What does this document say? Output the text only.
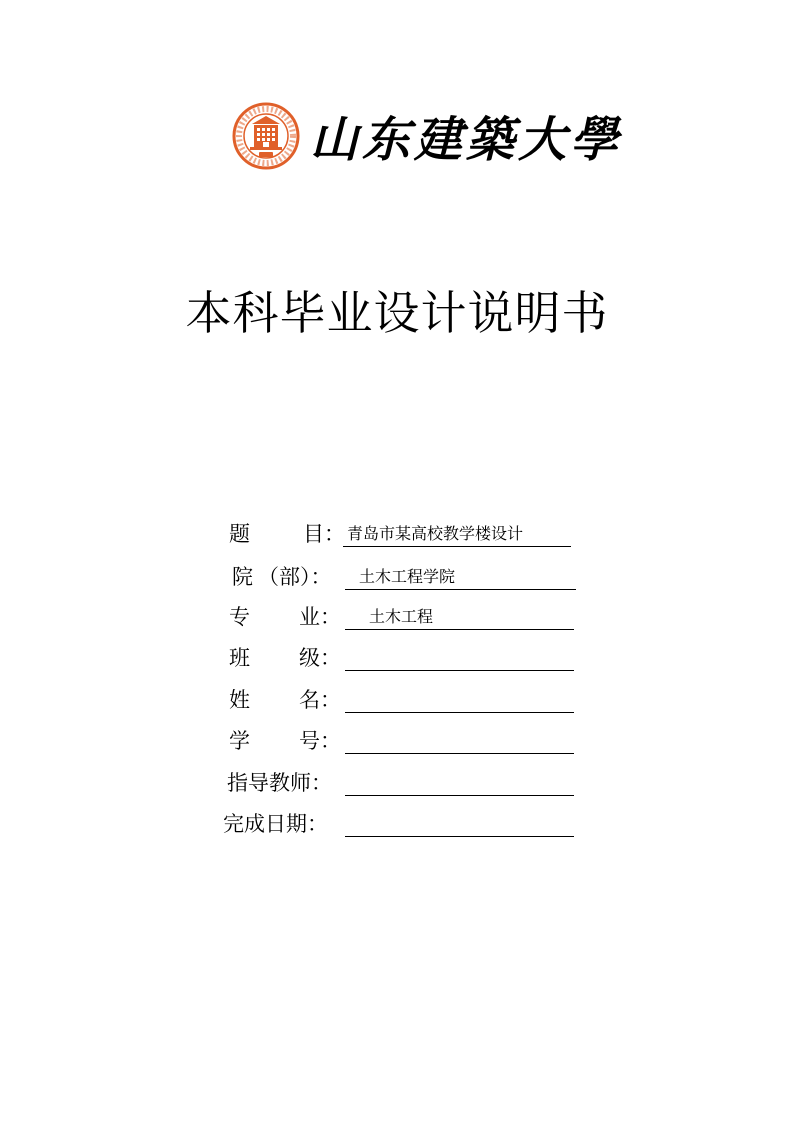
山东建築大學
本科毕业设计说明书
题	目： 青岛市某高校教学楼设计
院 （部）： 土木工程学院
专 业： 土木工程
班 级：
姓 名：
学 号：
指导教师：
完成日期：
